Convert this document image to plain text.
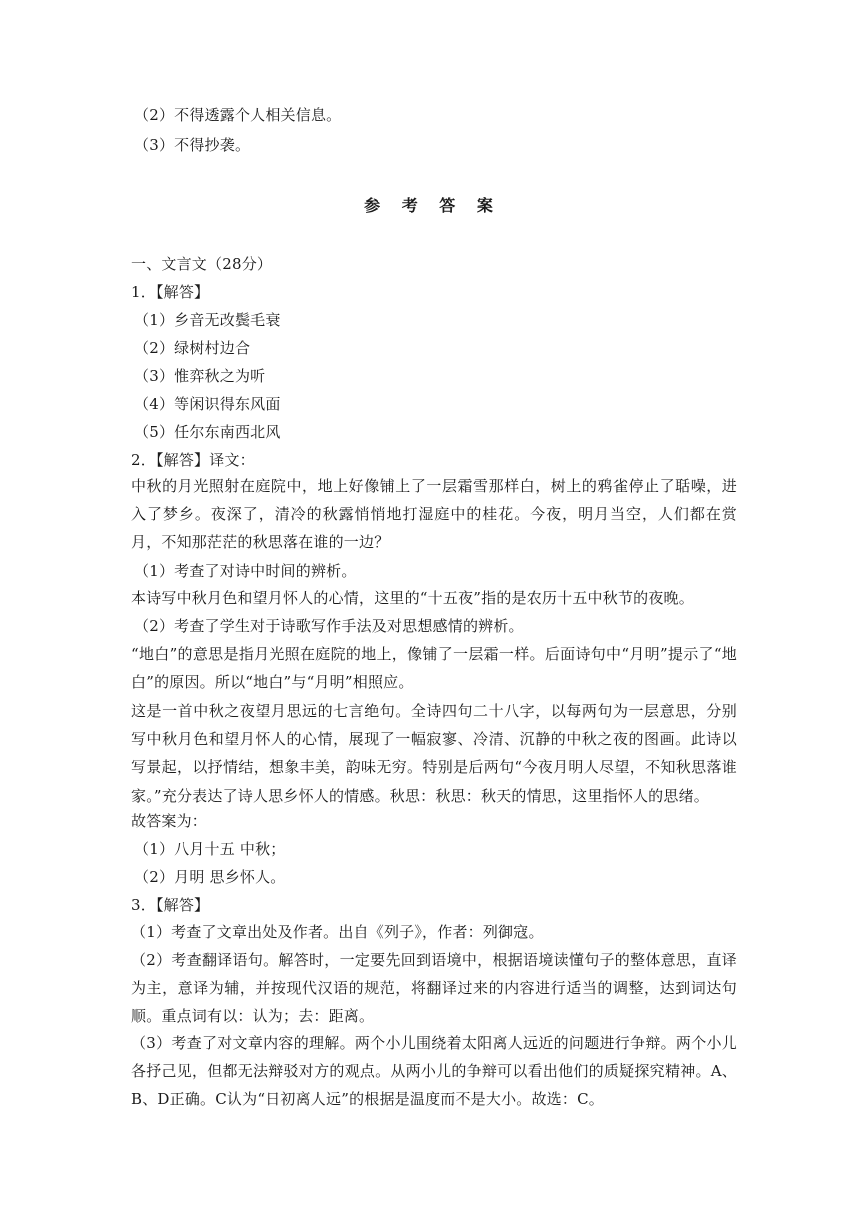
（2）不得透露个人相关信息。
（3）不得抄袭。
参 考 答 案
一、文言文（28分）
1．【解答】
（1）乡音无改鬓毛衰
（2）绿树村边合
（3）惟弈秋之为听
（4）等闲识得东风面
（5）任尔东南西北风
2．【解答】译文：
中秋的月光照射在庭院中，地上好像铺上了一层霜雪那样白，树上的鸦雀停止了聒噪，进入了梦乡。夜深了，清冷的秋露悄悄地打湿庭中的桂花。今夜，明月当空，人们都在赏月，不知那茫茫的秋思落在谁的一边？
（1）考查了对诗中时间的辨析。
本诗写中秋月色和望月怀人的心情，这里的“十五夜”指的是农历十五中秋节的夜晚。
（2）考查了学生对于诗歌写作手法及对思想感情的辨析。
“地白”的意思是指月光照在庭院的地上，像铺了一层霜一样。后面诗句中“月明”提示了“地白”的原因。所以“地白”与“月明”相照应。
这是一首中秋之夜望月思远的七言绝句。全诗四句二十八字，以每两句为一层意思，分别写中秋月色和望月怀人的心情，展现了一幅寂寥、冷清、沉静的中秋之夜的图画。此诗以写景起，以抒情结，想象丰美，韵味无穷。特别是后两句“今夜月明人尽望，不知秋思落谁家。”充分表达了诗人思乡怀人的情感。秋思：秋思：秋天的情思，这里指怀人的思绪。
故答案为：
（1）八月十五 中秋；
（2）月明 思乡怀人。
3．【解答】
（1）考查了文章出处及作者。出自《列子》，作者：列御寇。
（2）考查翻译语句。解答时，一定要先回到语境中，根据语境读懂句子的整体意思，直译为主，意译为辅，并按现代汉语的规范，将翻译过来的内容进行适当的调整，达到词达句顺。重点词有以：认为；去：距离。
（3）考查了对文章内容的理解。两个小儿围绕着太阳离人远近的问题进行争辩。两个小儿各抒己见，但都无法辩驳对方的观点。从两小儿的争辩可以看出他们的质疑探究精神。A、B、D正确。C认为“日初离人远”的根据是温度而不是大小。故选：C。
